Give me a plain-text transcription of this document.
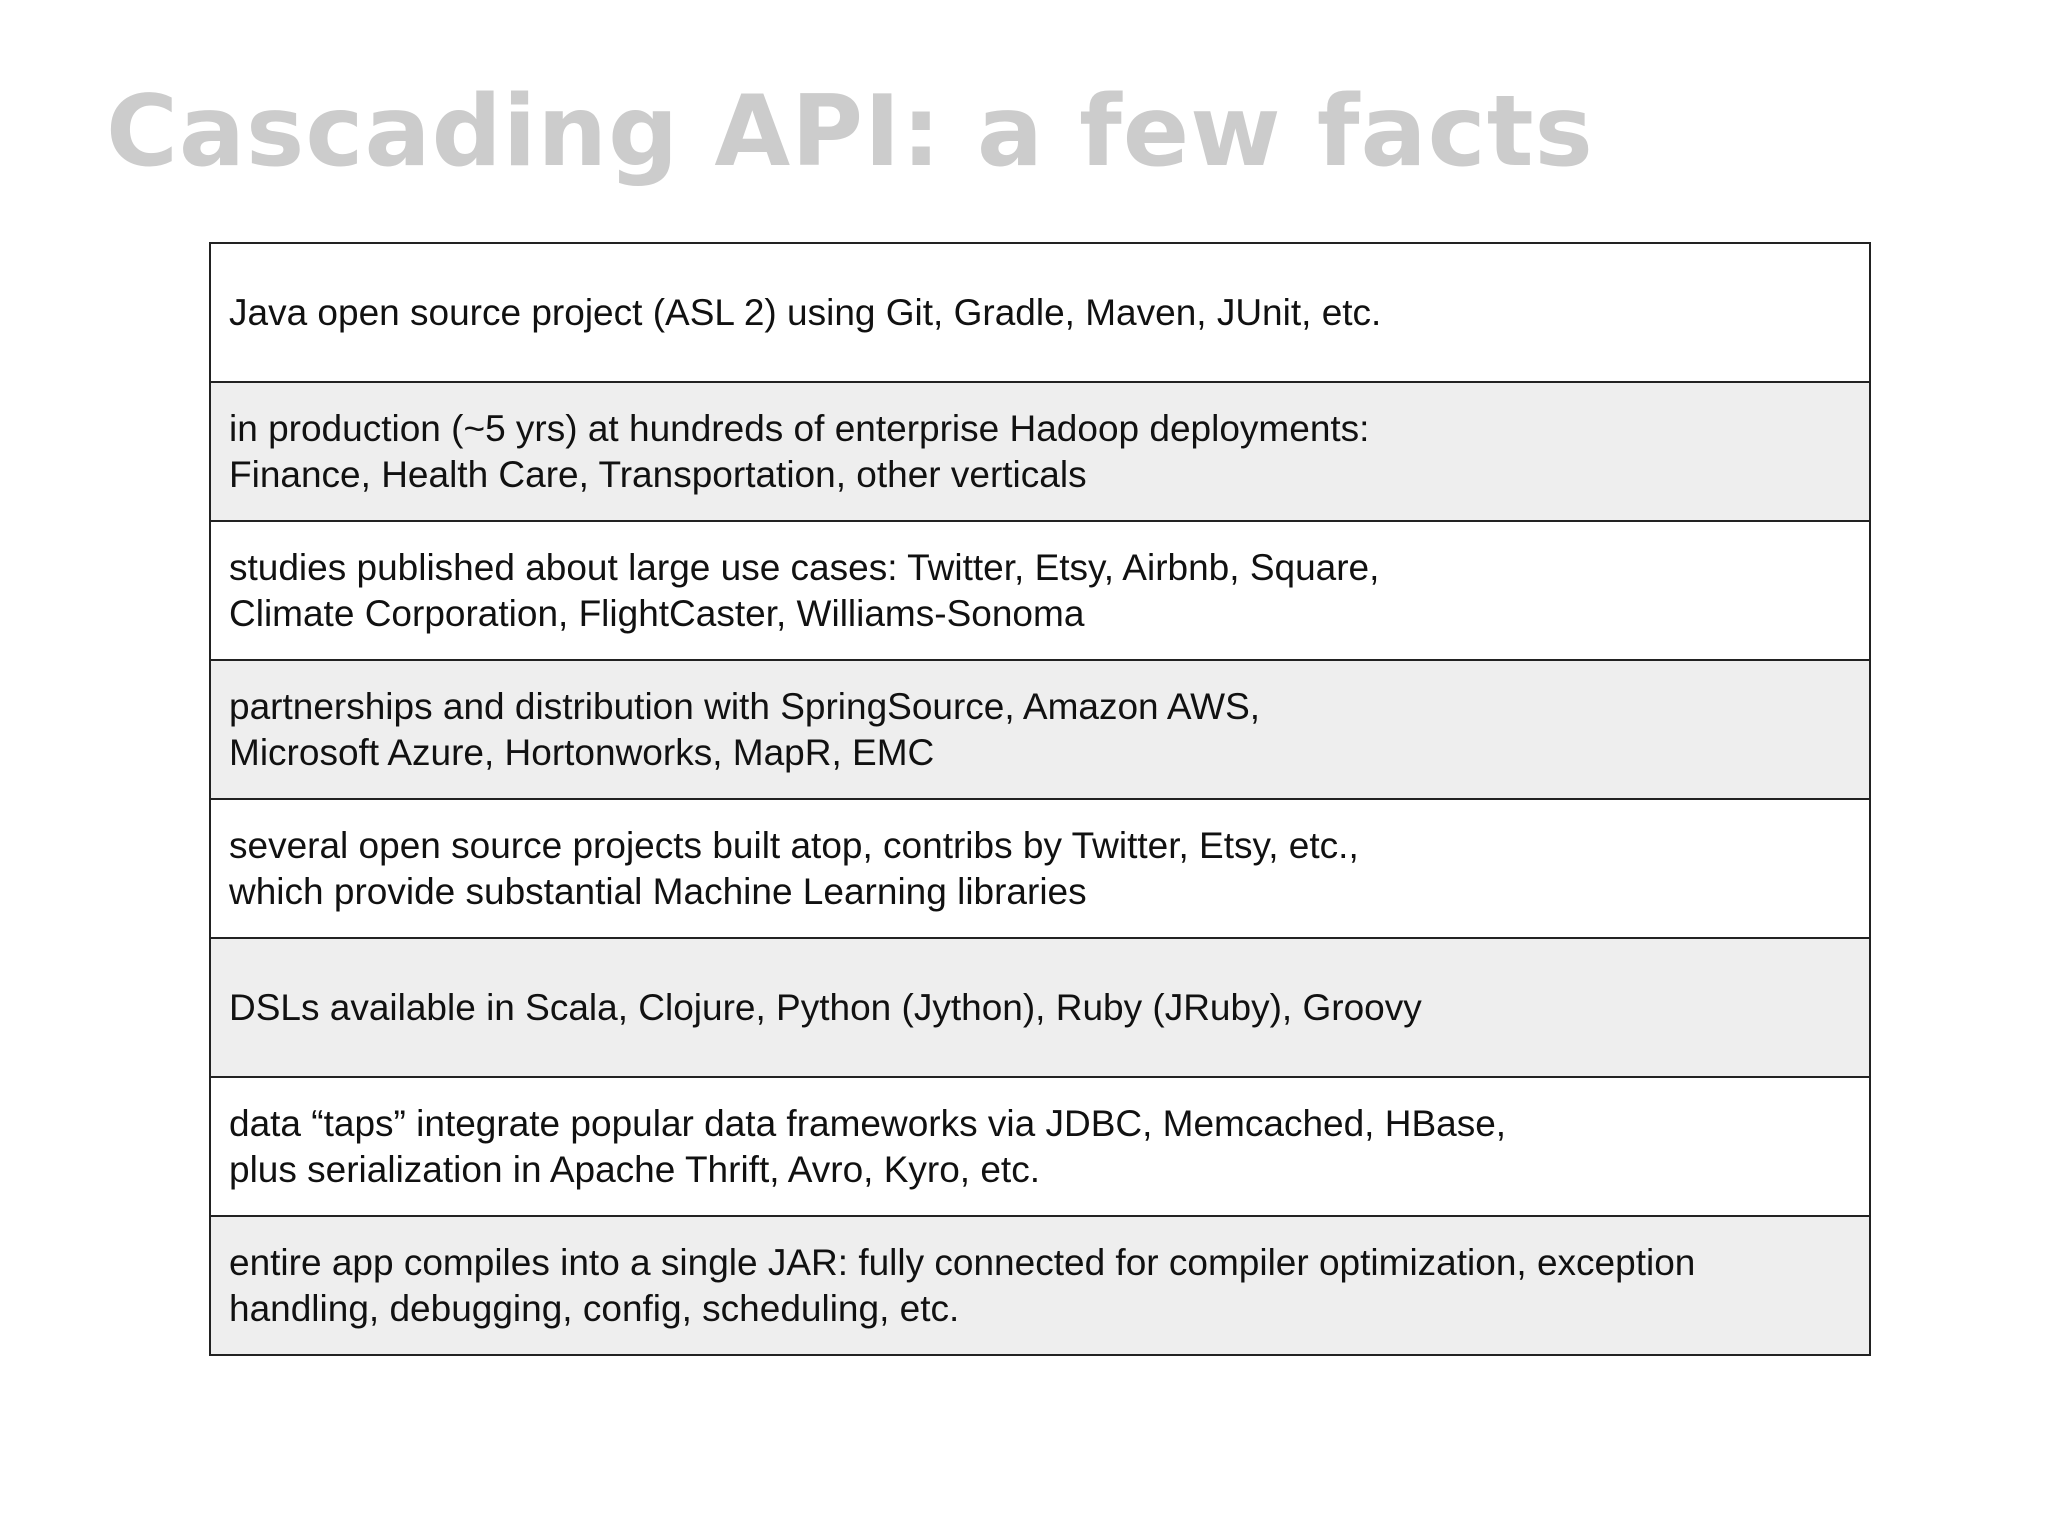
Cascading API: a few facts
Java open source project (ASL 2) using Git, Gradle, Maven, JUnit, etc.

in production (~5 yrs) at hundreds of enterprise Hadoop deployments:
Finance, Health Care, Transportation, other verticals

studies published about large use cases: Twitter, Etsy, Airbnb, Square,
Climate Corporation, FlightCaster, Williams-Sonoma

partnerships and distribution with SpringSource, Amazon AWS,
Microsoft Azure, Hortonworks, MapR, EMC

several open source projects built atop, contribs by Twitter, Etsy, etc.,
which provide substantial Machine Learning libraries

DSLs available in Scala, Clojure, Python (Jython), Ruby (JRuby), Groovy

data “taps” integrate popular data frameworks via JDBC, Memcached, HBase,
plus serialization in Apache Thrift, Avro, Kyro, etc.

entire app compiles into a single JAR: fully connected for compiler optimization, exception
handling, debugging, config, scheduling, etc.
